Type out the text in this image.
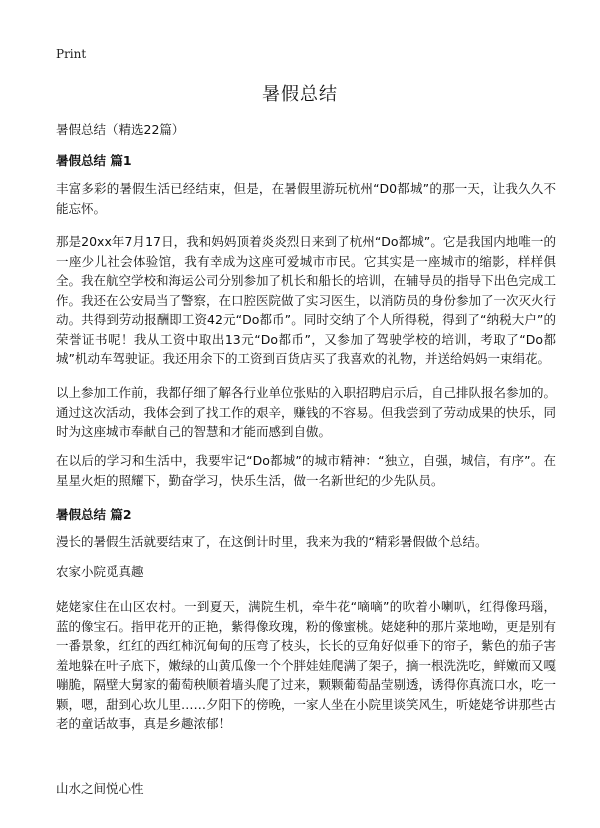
Print
暑假总结
暑假总结（精选22篇）
暑假总结 篇1

丰富多彩的暑假生活已经结束，但是，在暑假里游玩杭州“D0都城”的那一天，让我久久不能忘怀。

那是20xx年7月17日，我和妈妈顶着炎炎烈日来到了杭州“Do都城”。它是我国内地唯一的一座少儿社会体验馆，我有幸成为这座可爱城市市民。它其实是一座城市的缩影，样样俱全。我在航空学校和海运公司分别参加了机长和船长的培训，在辅导员的指导下出色完成工作。我还在公安局当了警察，在口腔医院做了实习医生，以消防员的身份参加了一次灭火行动。共得到劳动报酬即工资42元“Do都币”。同时交纳了个人所得税，得到了“纳税大户”的荣誉证书呢！我从工资中取出13元“Do都币”，又参加了驾驶学校的培训，考取了“Do都城”机动车驾驶证。我还用余下的工资到百货店买了我喜欢的礼物，并送给妈妈一束绢花。

以上参加工作前，我都仔细了解各行业单位张贴的入职招聘启示后，自己排队报名参加的。通过这次活动，我体会到了找工作的艰辛，赚钱的不容易。但我尝到了劳动成果的快乐，同时为这座城市奉献自己的智慧和才能而感到自傲。

在以后的学习和生活中，我要牢记“Do都城”的城市精神：“独立，自强，城信，有序”。在星星火炬的照耀下，勤奋学习，快乐生活，做一名新世纪的少先队员。

暑假总结 篇2

漫长的暑假生活就要结束了，在这倒计时里，我来为我的“精彩暑假做个总结。

农家小院觅真趣

姥姥家住在山区农村。一到夏天，满院生机，牵牛花“嘀嘀”的吹着小喇叭，红得像玛瑙，蓝的像宝石。指甲花开的正艳，紫得像玫瑰，粉的像蜜桃。姥姥种的那片菜地呦，更是别有一番景象，红红的西红柿沉甸甸的压弯了枝头，长长的豆角好似垂下的帘子，紫色的茄子害羞地躲在叶子底下，嫩绿的山黄瓜像一个个胖娃娃爬满了架子，摘一根洗洗吃，鲜嫩而又嘎嘣脆，隔壁大舅家的葡萄秧顺着墙头爬了过来，颗颗葡萄晶莹剔透，诱得你真流口水，吃一颗，嗯，甜到心坎儿里……夕阳下的傍晚，一家人坐在小院里谈笑风生，听姥姥爷讲那些古老的童话故事，真是乡趣浓郁！

山水之间悦心性
